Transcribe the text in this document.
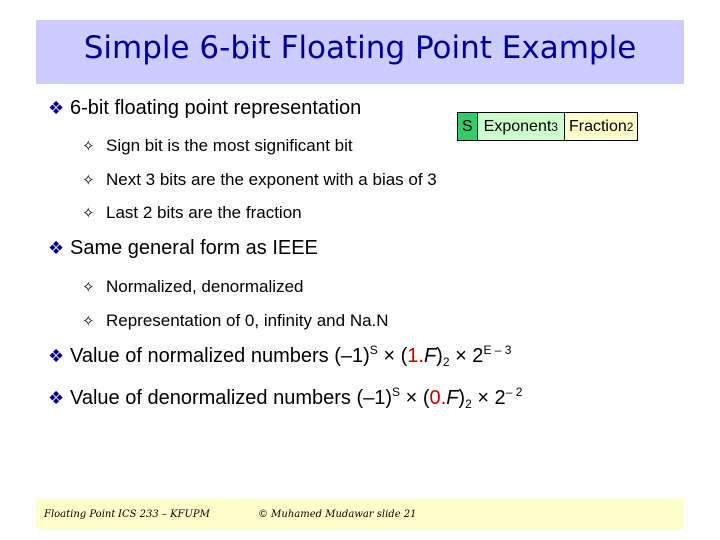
Simple 6-bit Floating Point Example
❖ 6-bit floating point representation
S Exponent 3 Fraction 2
✧ Sign bit is the most significant bit
✧ Next 3 bits are the exponent with a bias of 3
✧ Last 2 bits are the fraction
❖ Same general form as IEEE
✧ Normalized, denormalized
✧ Representation of 0, infinity and Na.N
❖ Value of normalized numbers $(-1)^S \times (1.F)_2 \times 2^{E - 3}$
❖ Value of denormalized numbers $(-1)^S \times (0.F)_2 \times 2^{- 2}$
Floating Point ICS 233 – KFUPM	© Muhamed Mudawar slide 21
